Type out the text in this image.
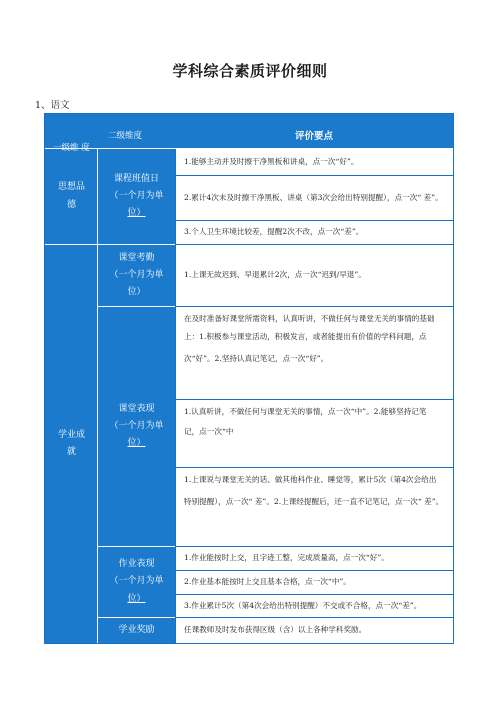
学科综合素质评价细则
1、语文
一级维 度
二级维度	评价要点
思想品
德
课程班值日
（一个月为单
位）
1.能够主动并及时擦干净黑板和讲桌，点一次“好”。
2.累计4次未及时擦干净黑板、讲桌（第3次会给出特别提醒），点一次“ 差”。
3.个人卫生环境比较差，提醒2次不改，点一次“差”。
学业成
就
课堂考勤
（一个月为单
位）
1.上课无故迟到、早退累计2次，点一次“迟到/早退”。
课堂表现
（一个月为单
位）
在及时准备好课堂所需资料，认真听讲，不做任何与课堂无关的事情的基础
上：1.积极参与课堂活动，积极发言，或者能提出有价值的学科问题，点
次“好”。2.坚持认真记笔记，点一次“好”。
1.认真听讲，不做任何与课堂无关的事情，点一次“中”。2.能够坚持记笔
记，点一次“中
1.上课说与课堂无关的话、做其他科作业、睡觉等，累计5次（第4次会给出
特别提醒），点一次“ 差”。2.上课经提醒后，还一直不记笔记，点一次“ 差”。
作业表现
（一个月为单
位）
1.作业能按时上交，且字迹工整，完成质量高，点一次“好”。
2.作业基本能按时上交且基本合格，点一次“中”。
3.作业累计5次（第4次会给出特别提醒）不交或不合格，点一次“差”。
学业奖励	任课教师及时发布获得区级（含）以上各种学科奖励。
